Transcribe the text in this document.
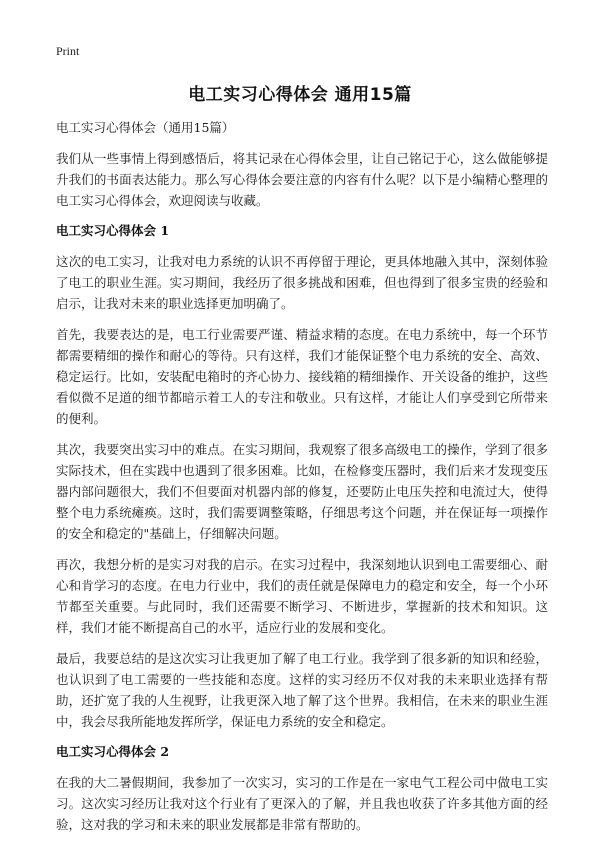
Print
电工实习心得体会 通用15篇
电工实习心得体会（通用15篇）

我们从一些事情上得到感悟后，将其记录在心得体会里，让自己铭记于心，这么做能够提升我们的书面表达能力。那么写心得体会要注意的内容有什么呢？以下是小编精心整理的电工实习心得体会，欢迎阅读与收藏。

电工实习心得体会 1

这次的电工实习，让我对电力系统的认识不再停留于理论，更具体地融入其中，深刻体验了电工的职业生涯。实习期间，我经历了很多挑战和困难，但也得到了很多宝贵的经验和启示，让我对未来的职业选择更加明确了。

首先，我要表达的是，电工行业需要严谨、精益求精的态度。在电力系统中，每一个环节都需要精细的操作和耐心的等待。只有这样，我们才能保证整个电力系统的安全、高效、稳定运行。比如，安装配电箱时的齐心协力、接线箱的精细操作、开关设备的维护，这些看似微不足道的细节都暗示着工人的专注和敬业。只有这样，才能让人们享受到它所带来的便利。

其次，我要突出实习中的难点。在实习期间，我观察了很多高级电工的操作，学到了很多实际技术，但在实践中也遇到了很多困难。比如，在检修变压器时，我们后来才发现变压器内部问题很大，我们不但要面对机器内部的修复，还要防止电压失控和电流过大，使得整个电力系统瘫痪。这时，我们需要调整策略，仔细思考这个问题，并在保证每一项操作的安全和稳定的"基础上，仔细解决问题。

再次，我想分析的是实习对我的启示。在实习过程中，我深刻地认识到电工需要细心、耐心和肯学习的态度。在电力行业中，我们的责任就是保障电力的稳定和安全，每一个小环节都至关重要。与此同时，我们还需要不断学习、不断进步，掌握新的技术和知识。这样，我们才能不断提高自己的水平，适应行业的发展和变化。

最后，我要总结的是这次实习让我更加了解了电工行业。我学到了很多新的知识和经验，也认识到了电工需要的一些技能和态度。这样的实习经历不仅对我的未来职业选择有帮助，还扩宽了我的人生视野，让我更深入地了解了这个世界。我相信，在未来的职业生涯中，我会尽我所能地发挥所学，保证电力系统的安全和稳定。

电工实习心得体会 2

在我的大二暑假期间，我参加了一次实习，实习的工作是在一家电气工程公司中做电工实习。这次实习经历让我对这个行业有了更深入的了解，并且我也收获了许多其他方面的经验，这对我的学习和未来的职业发展都是非常有帮助的。
